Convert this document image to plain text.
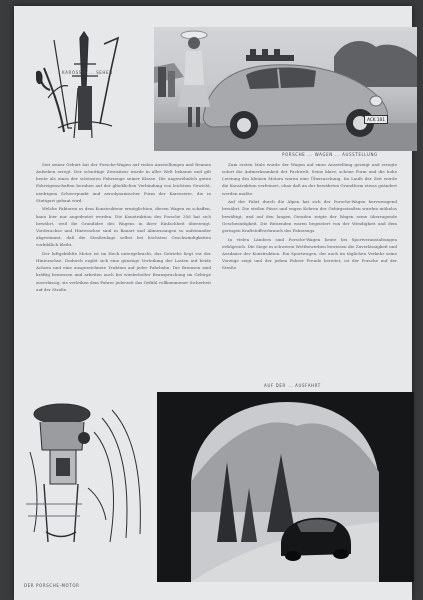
KAROSSIE ... SEHEN
ACK 181
PORSCHE ... WAGEN ... AUSSTELLUNG

Seit seiner Geburt hat der Porsche-Wagen auf vielen Ausstellungen und Rennen Aufsehen erregt. Der schnittige Zweisitzer wurde in aller Welt bekannt und gilt heute als eines der schönsten Fahrzeuge seiner Klasse. Die ungewöhnlich guten Fahreigenschaften beruhen auf der glücklichen Verbindung von leichtem Gewicht, niedrigem Schwerpunkt und aerodynamischer Form der Karosserie, die in Stuttgart gebaut wird.

Welche Faktoren es dem Konstrukteur ermöglichten, diesen Wagen zu schaffen, kann hier nur angedeutet werden. Die Konstruktion des Porsche 356 hat sich bewährt, weil die Grundidee des Wagens in ihrer Einfachheit überzeugt. Vorderachse und Hinterachse sind in Bauart und Abmessungen so aufeinander abgestimmt, daß die Straßenlage selbst bei höchsten Geschwindigkeiten vorbildlich bleibt.

Der luftgekühlte Motor ist im Heck untergebracht, das Getriebe liegt vor der Hinterachse. Dadurch ergibt sich eine günstige Verteilung der Lasten auf beide Achsen und eine ausgezeichnete Traktion auf jeder Fahrbahn. Die Bremsen sind kräftig bemessen und arbeiten auch bei wiederholter Beanspruchung im Gebirge zuverlässig; sie verleihen dem Fahrer jederzeit das Gefühl vollkommener Sicherheit auf der Straße.

Zum ersten Male wurde der Wagen auf einer Ausstellung gezeigt und erregte sofort die Aufmerksamkeit der Fachwelt. Seine klare, schöne Form und die hohe Leistung des kleinen Motors waren eine Überraschung. Im Laufe der Zeit wurde die Konstruktion verfeinert, ohne daß an der bewährten Grundform etwas geändert werden mußte.

Auf der Fahrt durch die Alpen hat sich der Porsche-Wagen hervorragend bewährt. Die steilen Pässe und engen Kehren der Gebirgsstraßen wurden mühelos bewältigt, und auf den langen Geraden zeigte der Wagen seine überragende Geschwindigkeit. Die Reisenden waren begeistert von der Wendigkeit und dem geringen Kraftstoffverbrauch des Fahrzeugs.

In vielen Ländern sind Porsche-Wagen heute bei Sportveranstaltungen erfolgreich. Die Siege in schweren Wettbewerben beweisen die Zuverlässigkeit und Ausdauer der Konstruktion. Ein Sportwagen, der auch im täglichen Verkehr seine Vorzüge zeigt und der jedem Fahrer Freude bereitet, ist der Porsche auf der Straße.

DER PORSCHE-MOTOR
AUF DER ... AUSFAHRT
